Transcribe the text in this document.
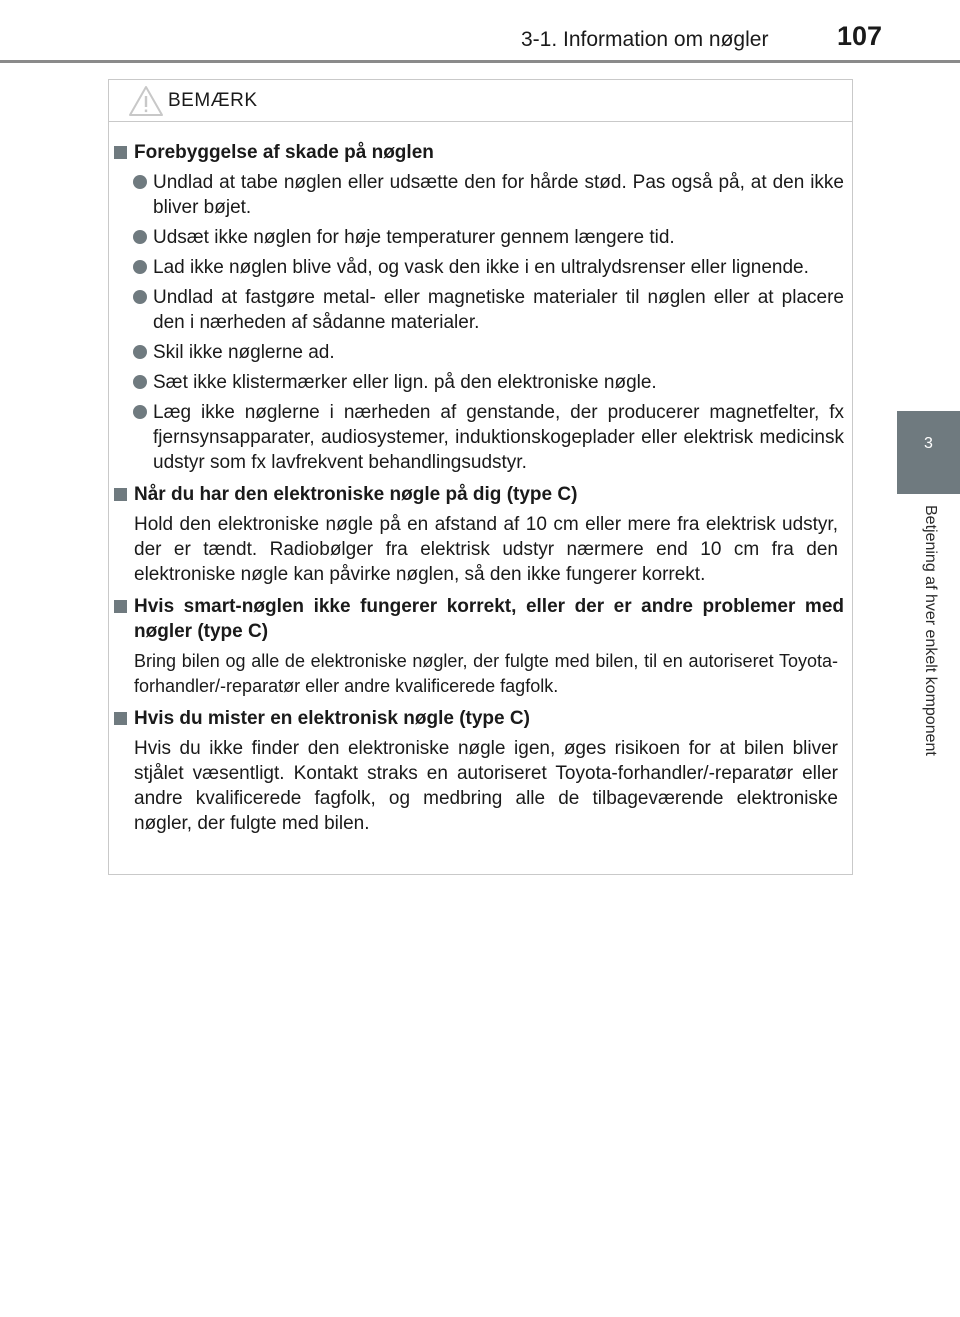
3-1. Information om nøgler	107
3
Betjening af hver enkelt komponent
BEMÆRK
Forebyggelse af skade på nøglen
Undlad at tabe nøglen eller udsætte den for hårde stød. Pas også på, at den ikke bliver bøjet.
Udsæt ikke nøglen for høje temperaturer gennem længere tid.
Lad ikke nøglen blive våd, og vask den ikke i en ultralydsrenser eller lignende.
Undlad at fastgøre metal- eller magnetiske materialer til nøglen eller at placere den i nærheden af sådanne materialer.
Skil ikke nøglerne ad.
Sæt ikke klistermærker eller lign. på den elektroniske nøgle.
Læg ikke nøglerne i nærheden af genstande, der producerer magnetfelter, fx fjernsynsapparater, audiosystemer, induktionskogeplader eller elektrisk medicinsk udstyr som fx lavfrekvent behandlingsudstyr.
Når du har den elektroniske nøgle på dig (type C)
Hold den elektroniske nøgle på en afstand af 10 cm eller mere fra elektrisk udstyr, der er tændt. Radiobølger fra elektrisk udstyr nærmere end 10 cm fra den elektroniske nøgle kan påvirke nøglen, så den ikke fungerer korrekt.
Hvis smart-nøglen ikke fungerer korrekt, eller der er andre problemer med nøgler (type C)
Bring bilen og alle de elektroniske nøgler, der fulgte med bilen, til en autoriseret Toyota-forhandler/-reparatør eller andre kvalificerede fagfolk.
Hvis du mister en elektronisk nøgle (type C)
Hvis du ikke finder den elektroniske nøgle igen, øges risikoen for at bilen bliver stjålet væsentligt. Kontakt straks en autoriseret Toyota-forhandler/-reparatør eller andre kvalificerede fagfolk, og medbring alle de tilbageværende elektroniske nøgler, der fulgte med bilen.
